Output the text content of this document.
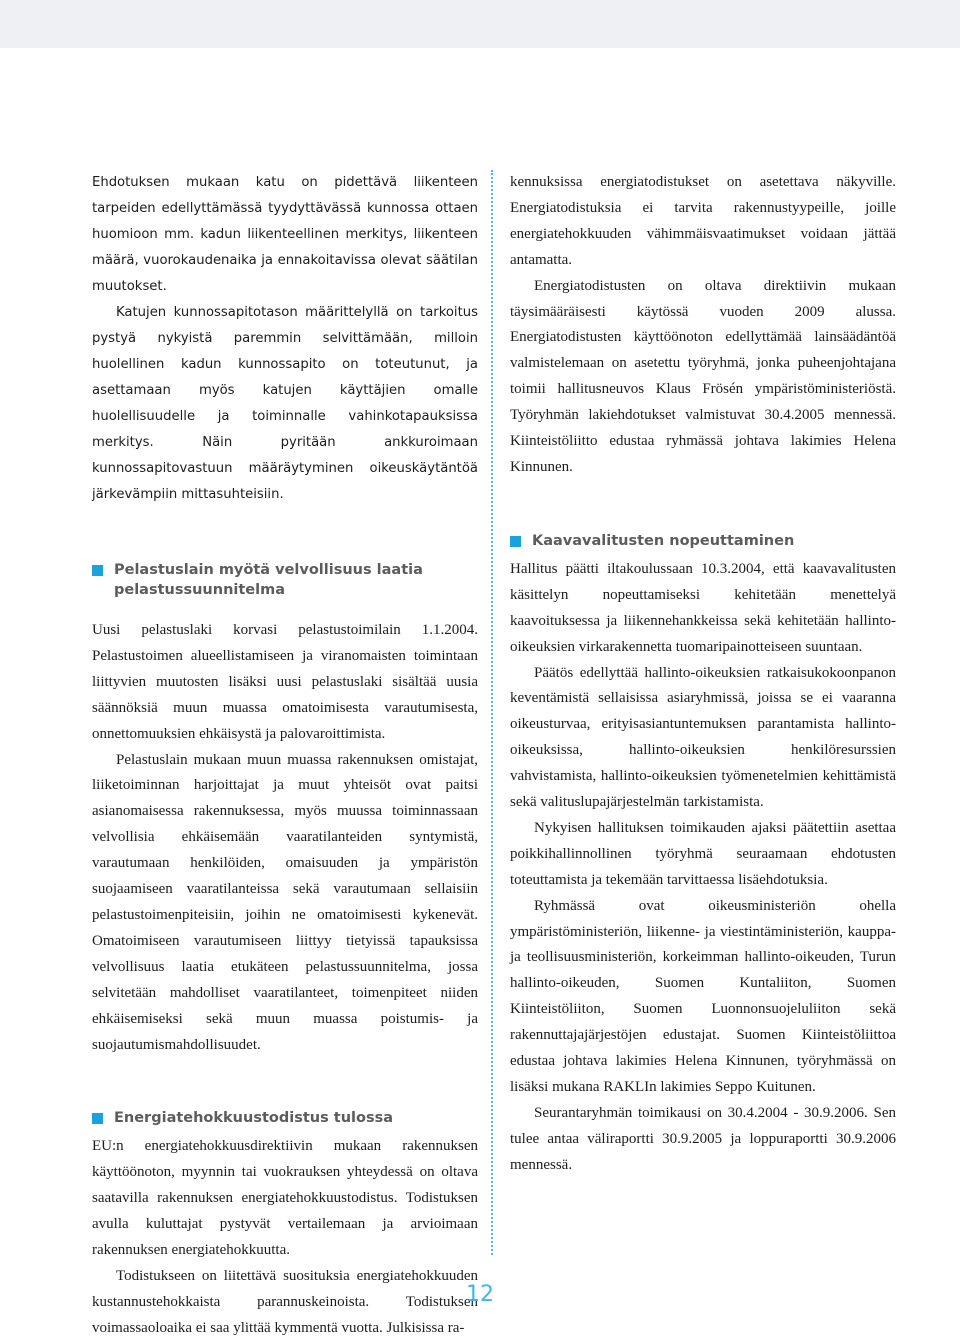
Ehdotuksen mukaan katu on pidettävä liikenteen tarpeiden edellyttämässä tyydyttävässä kunnossa ottaen huomioon mm. kadun liikenteellinen merkitys, liikenteen määrä, vuorokaudenaika ja ennakoitavissa olevat säätilan muutokset.

Katujen kunnossapitotason määrittelyllä on tarkoitus pystyä nykyistä paremmin selvittämään, milloin huolellinen kadun kunnossapito on toteutunut, ja asettamaan myös katujen käyttäjien omalle huolellisuudelle ja toiminnalle vahinkotapauksissa merkitys. Näin pyritään ankkuroimaan kunnossapitovastuun määräytyminen oikeuskäytäntöä järkevämpiin mittasuhteisiin.

Pelastuslain myötä velvollisuus laatia pelastussuunnitelma

Uusi pelastuslaki korvasi pelastustoimilain 1.1.2004. Pelastustoimen alueellistamiseen ja viranomaisten toimintaan liittyvien muutosten lisäksi uusi pelastuslaki sisältää uusia säännöksiä muun muassa omatoimisesta varautumisesta, onnettomuuksien ehkäisystä ja palovaroittimista.

Pelastuslain mukaan muun muassa rakennuksen omistajat, liiketoiminnan harjoittajat ja muut yhteisöt ovat paitsi asianomaisessa rakennuksessa, myös muussa toiminnassaan velvollisia ehkäisemään vaaratilanteiden syntymistä, varautumaan henkilöiden, omaisuuden ja ympäristön suojaamiseen vaaratilanteissa sekä varautumaan sellaisiin pelastustoimenpiteisiin, joihin ne omatoimisesti kykenevät. Omatoimiseen varautumiseen liittyy tietyissä tapauksissa velvollisuus laatia etukäteen pelastussuunnitelma, jossa selvitetään mahdolliset vaaratilanteet, toimenpiteet niiden ehkäisemiseksi sekä muun muassa poistumis- ja suojautumismahdollisuudet.

Energiatehokkuustodistus tulossa

EU:n energiatehokkuusdirektiivin mukaan rakennuksen käyttöönoton, myynnin tai vuokrauksen yhteydessä on oltava saatavilla rakennuksen energiatehokkuustodistus. Todistuksen avulla kuluttajat pystyvät vertailemaan ja arvioimaan rakennuksen energiatehokkuutta.

Todistukseen on liitettävä suosituksia energiatehokkuuden kustannustehokkaista parannuskeinoista. Todistuksen voimassaoloaika ei saa ylittää kymmentä vuotta. Julkisissa ra-

kennuksissa energiatodistukset on asetettava näkyville. Energiatodistuksia ei tarvita rakennustyypeille, joille energiatehokkuuden vähimmäisvaatimukset voidaan jättää antamatta.

Energiatodistusten on oltava direktiivin mukaan täysimääräisesti käytössä vuoden 2009 alussa. Energiatodistusten käyttöönoton edellyttämää lainsäädäntöä valmistelemaan on asetettu työryhmä, jonka puheenjohtajana toimii hallitusneuvos Klaus Frösén ympäristöministeriöstä. Työryhmän lakiehdotukset valmistuvat 30.4.2005 mennessä. Kiinteistöliitto edustaa ryhmässä johtava lakimies Helena Kinnunen.

Kaavavalitusten nopeuttaminen

Hallitus päätti iltakoulussaan 10.3.2004, että kaavavalitusten käsittelyn nopeuttamiseksi kehitetään menettelyä kaavoituksessa ja liikennehankkeissa sekä kehitetään hallinto-oikeuksien virkarakennetta tuomaripainotteiseen suuntaan.

Päätös edellyttää hallinto-oikeuksien ratkaisukokoonpanon keventämistä sellaisissa asiaryhmissä, joissa se ei vaaranna oikeusturvaa, erityisasiantuntemuksen parantamista hallinto-oikeuksissa, hallinto-oikeuksien henkilöresurssien vahvistamista, hallinto-oikeuksien työmenetelmien kehittämistä sekä valituslupajärjestelmän tarkistamista.

Nykyisen hallituksen toimikauden ajaksi päätettiin asettaa poikkihallinnollinen työryhmä seuraamaan ehdotusten toteuttamista ja tekemään tarvittaessa lisäehdotuksia.

Ryhmässä ovat oikeusministeriön ohella ympäristöministeriön, liikenne- ja viestintäministeriön, kauppa- ja teollisuusministeriön, korkeimman hallinto-oikeuden, Turun hallinto-oikeuden, Suomen Kuntaliiton, Suomen Kiinteistöliiton, Suomen Luonnonsuojeluliiton sekä rakennuttajajärjestöjen edustajat. Suomen Kiinteistöliittoa edustaa johtava lakimies Helena Kinnunen, työryhmässä on lisäksi mukana RAKLIn lakimies Seppo Kuitunen.

Seurantaryhmän toimikausi on 30.4.2004 - 30.9.2006. Sen tulee antaa väliraportti 30.9.2005 ja loppuraportti 30.9.2006 mennessä.

12
